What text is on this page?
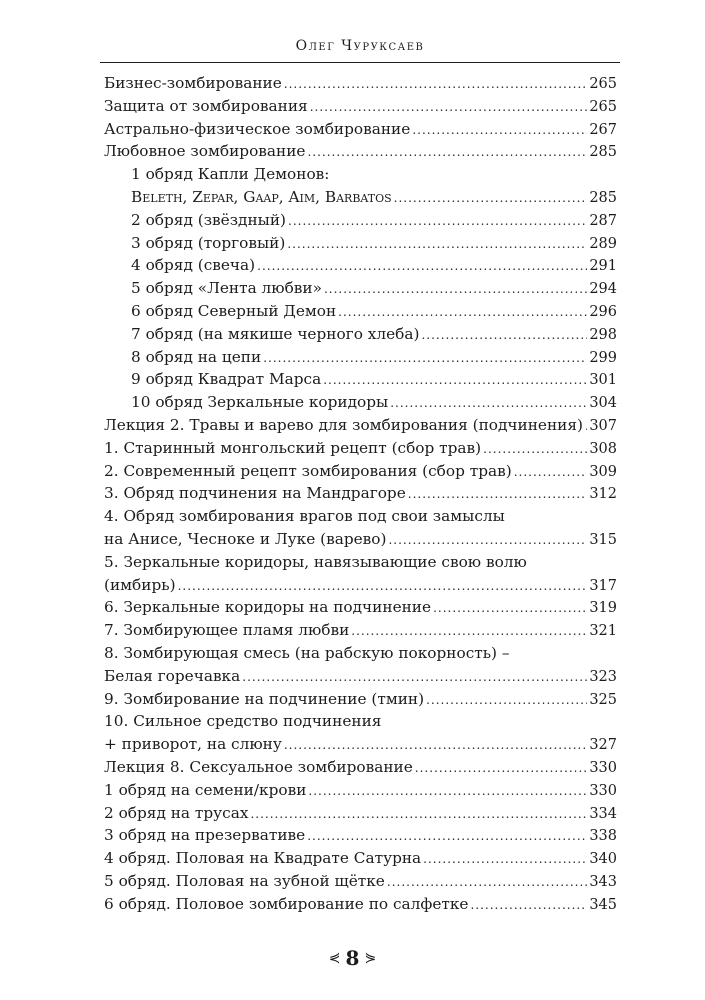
Олег Чуруксаев
Бизнес-зомбирование .....	265
Защита от зомбирования .....	265
Астрально-физическое зомбирование .....	267
Любовное зомбирование .....	285
1 обряд Капли Демонов:
Beleth, Zepar, Gaap, Aim, Barbatos .....	285
2 обряд (звёздный) .....	287
3 обряд (торговый) .....	289
4 обряд (свеча) .....	291
5 обряд «Лента любви» .....	294
6 обряд Северный Демон .....	296
7 обряд (на мякише черного хлеба) .....	298
8 обряд на цепи .....	299
9 обряд Квадрат Марса .....	301
10 обряд Зеркальные коридоры .....	304
Лекция 2. Травы и варево для зомбирования (подчинения) ..... 307
1. Старинный монгольский рецепт (сбор трав) .....	308
2. Современный рецепт зомбирования (сбор трав) .....	309
3. Обряд подчинения на Мандрагоре .....	312
4. Обряд зомбирования врагов под свои замыслы
на Анисе, Чесноке и Луке (варево) .....	315
5. Зеркальные коридоры, навязывающие свою волю
(имбирь) .....	317
6. Зеркальные коридоры на подчинение .....	319
7. Зомбирующее пламя любви .....	321
8. Зомбирующая смесь (на рабскую покорность) –
Белая горечавка .....	323
9. Зомбирование на подчинение (тмин) .....	325
10. Сильное средство подчинения
+ приворот, на слюну .....	327
Лекция 8. Сексуальное зомбирование .....	330
1 обряд на семени/крови .....	330
2 обряд на трусах .....	334
3 обряд на презервативе .....	338
4 обряд. Половая на Квадрате Сатурна .....	340
5 обряд. Половая на зубной щётке .....	343
6 обряд. Половое зомбирование по салфетке .....	345
⋞ 8 ⋟
